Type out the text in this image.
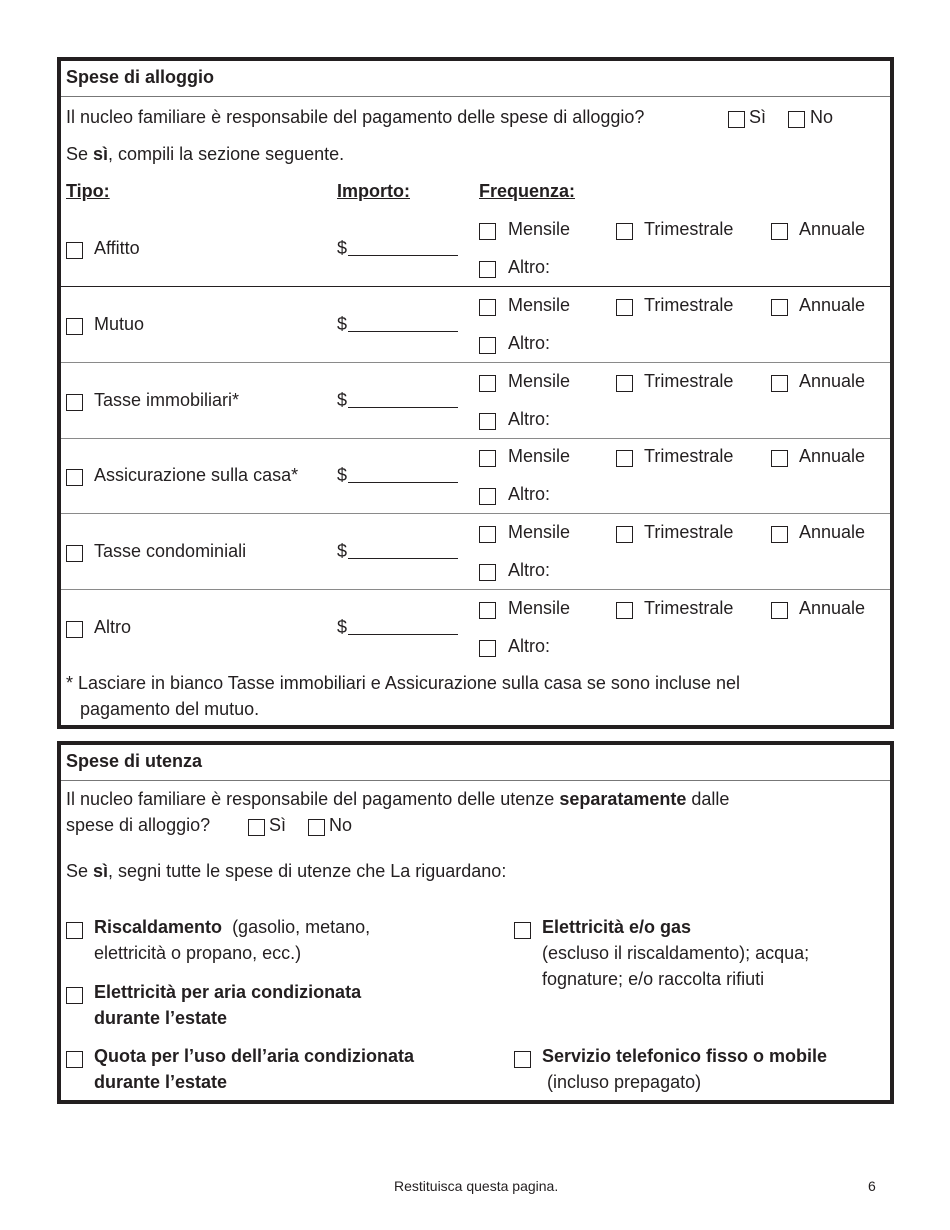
Spese di alloggio
Il nucleo familiare è responsabile del pagamento delle spese di alloggio?	Sì No
Se sì, compili la sezione seguente.
Tipo:	Importo:	Frequenza:
Affitto	$
Mensile	Trimestrale	Annuale
Altro:
Mutuo	$
Mensile	Trimestrale	Annuale
Altro:
Tasse immobiliari*	$
Mensile	Trimestrale	Annuale
Altro:
Assicurazione sulla casa* $
Mensile	Trimestrale	Annuale
Altro:
Tasse condominiali	$
Mensile	Trimestrale	Annuale
Altro:
Altro	$
Mensile	Trimestrale	Annuale
Altro:
* Lasciare in bianco Tasse immobiliari e Assicurazione sulla casa se sono incluse nel
pagamento del mutuo.
Spese di utenza
Il nucleo familiare è responsabile del pagamento delle utenze separatamente dalle
spese di alloggio?	Sì No
Se sì, segni tutte le spese di utenze che La riguardano:
Riscaldamento (gasolio, metano,
elettricità o propano, ecc.)
Elettricità per aria condizionata
durante l’estate
Quota per l’uso dell’aria condizionata
durante l’estate
Elettricità e/o gas
(escluso il riscaldamento); acqua;
fognature; e/o raccolta rifiuti
Servizio telefonico fisso o mobile
(incluso prepagato)
Restituisca questa pagina.	6
